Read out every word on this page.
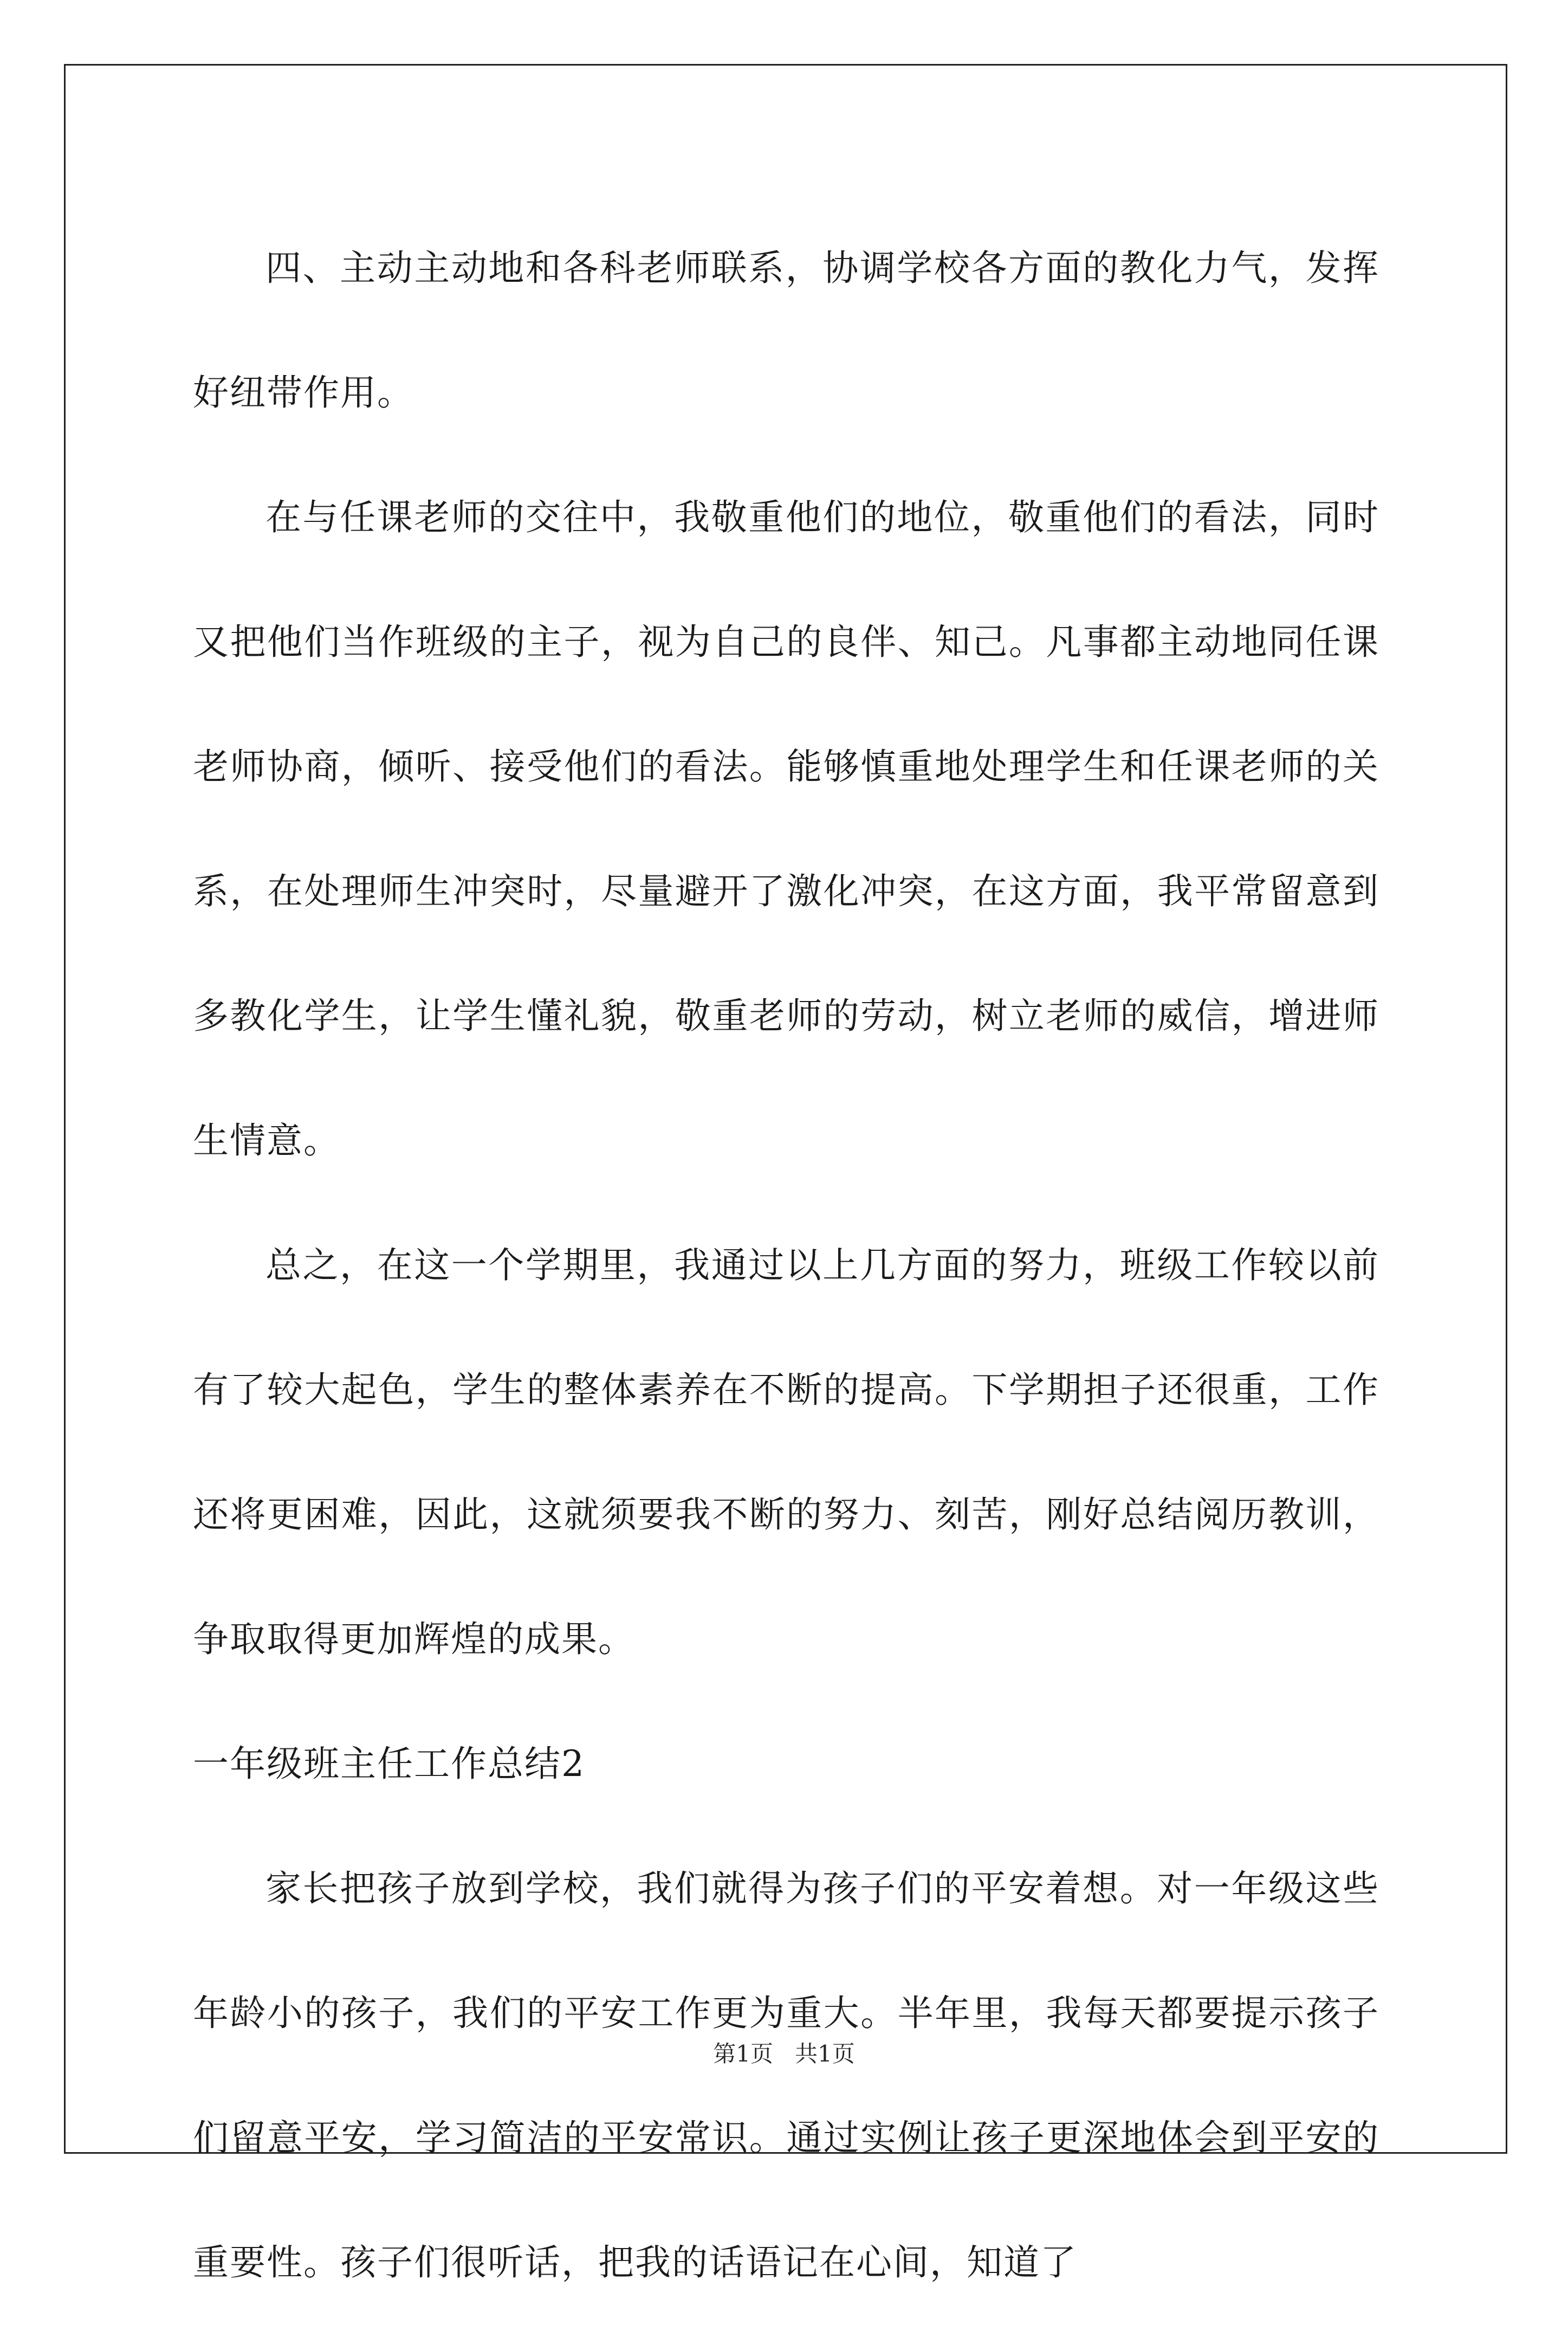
四、主动主动地和各科老师联系，协调学校各方面的教化力气，发挥好纽带作用。

在与任课老师的交往中，我敬重他们的地位，敬重他们的看法，同时又把他们当作班级的主子，视为自己的良伴、知己。凡事都主动地同任课老师协商，倾听、接受他们的看法。能够慎重地处理学生和任课老师的关系，在处理师生冲突时，尽量避开了激化冲突，在这方面，我平常留意到多教化学生，让学生懂礼貌，敬重老师的劳动，树立老师的威信，增进师生情意。

总之，在这一个学期里，我通过以上几方面的努力，班级工作较以前有了较大起色，学生的整体素养在不断的提高。下学期担子还很重，工作还将更困难，因此，这就须要我不断的努力、刻苦，刚好总结阅历教训，争取取得更加辉煌的成果。

一年级班主任工作总结2

家长把孩子放到学校，我们就得为孩子们的平安着想。对一年级这些年龄小的孩子，我们的平安工作更为重大。半年里，我每天都要提示孩子们留意平安，学习简洁的平安常识。通过实例让孩子更深地体会到平安的重要性。孩子们很听话，把我的话语记在心间，知道了

第1页 共1页
